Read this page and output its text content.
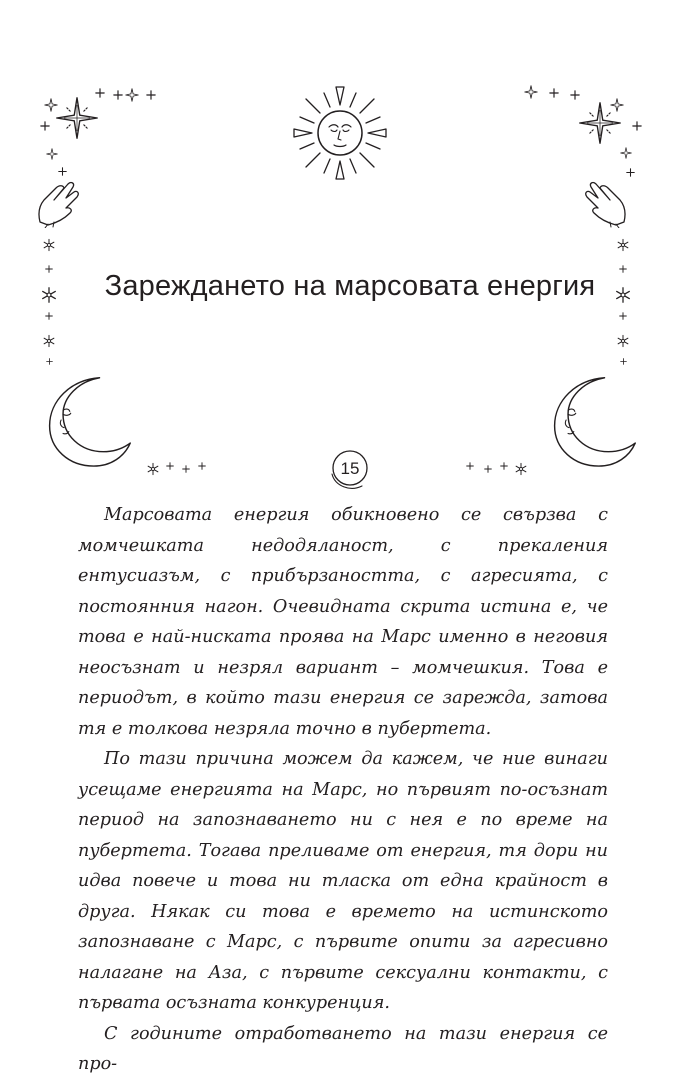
Зареждането на марсовата енергия
15

Марсовата енергия обикновено се свързва с момчешката недодяланост, с прекаления ентусиазъм, с прибързаността, с агресията, с постоянния нагон. Очевидната скрита истина е, че това е най-ниската проява на Марс именно в неговия неосъзнат и незрял вариант – момчешкия. Това е периодът, в който тази енергия се зарежда, затова тя е толкова незряла точно в пубертета.

По тази причина можем да кажем, че ние винаги усещаме енергията на Марс, но първият по-осъзнат период на запознаването ни с нея е по време на пубертета. Тогава преливаме от енергия, тя дори ни идва повече и това ни тласка от една крайност в друга. Някак си това е времето на истинското запознаване с Марс, с първите опити за агресивно налагане на Аза, с първите сексуални контакти, с първата осъзната конкуренция.

С годините отработването на тази енергия се про-
